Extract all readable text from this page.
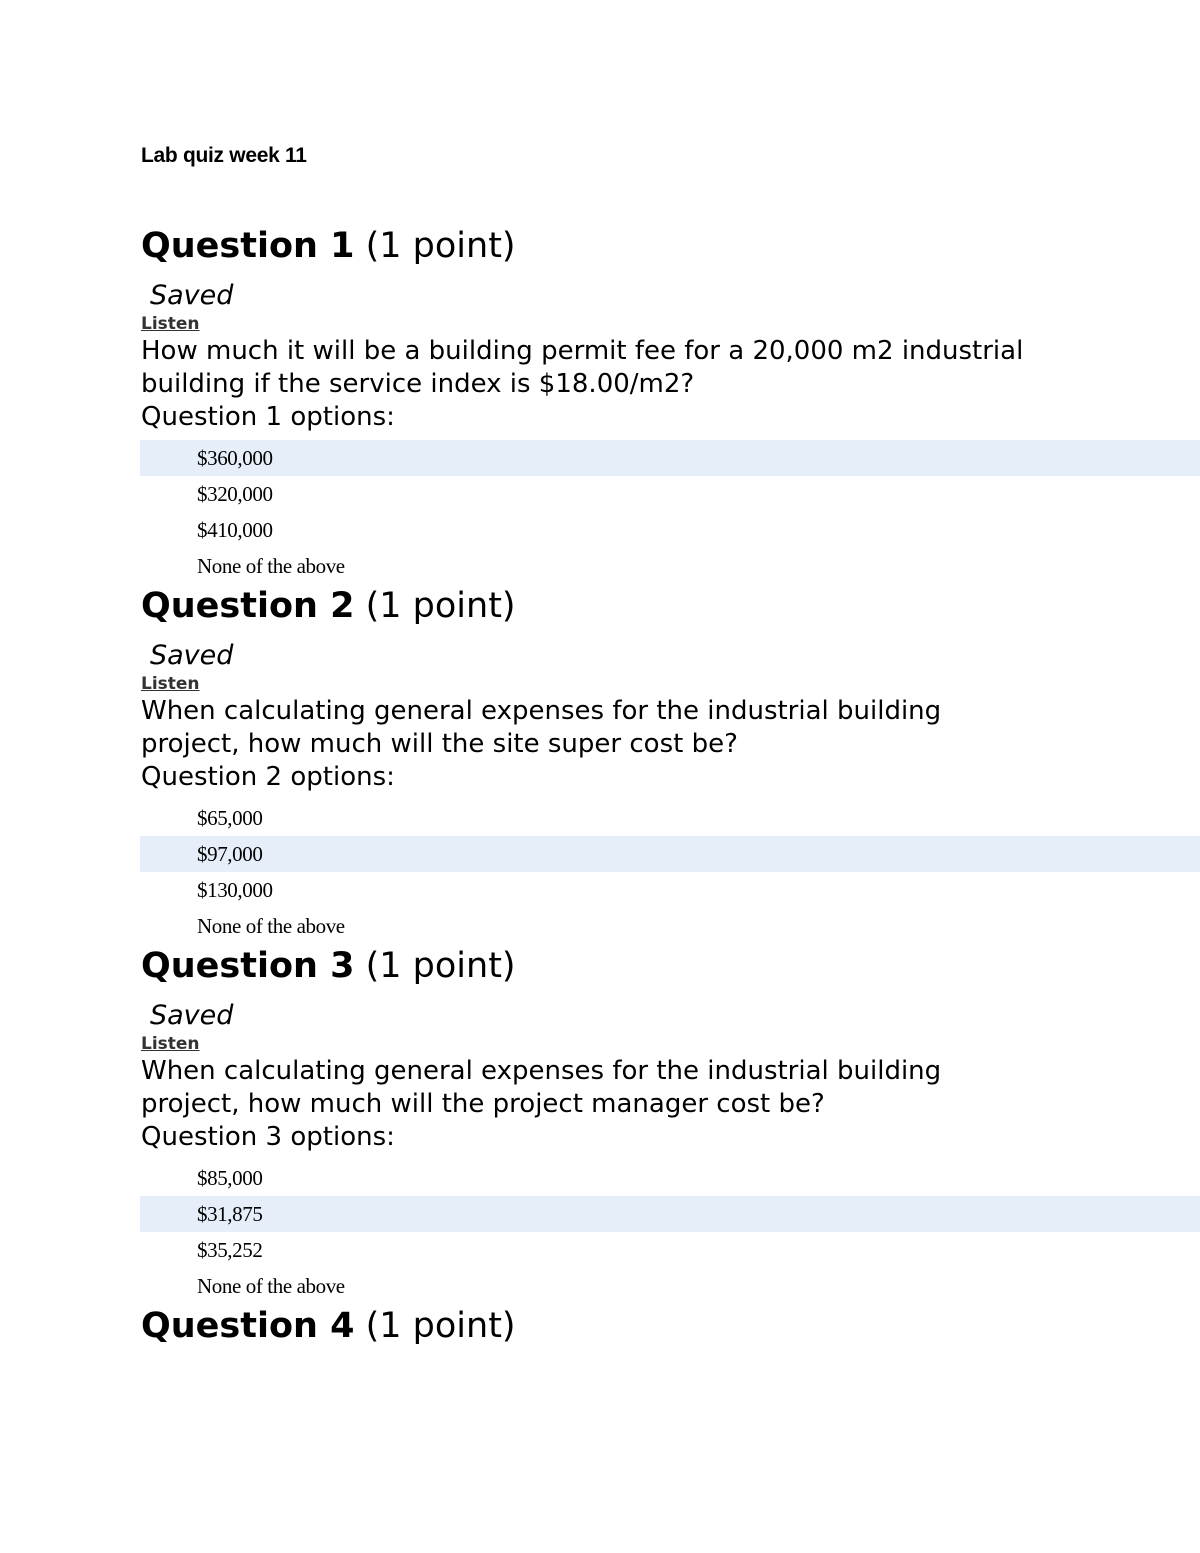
Lab quiz week 11
Question 1 (1 point)
Saved
Listen
How much it will be a building permit fee for a 20,000 m2 industrial building if the service index is $18.00/m2?
Question 1 options:
$360,000
$320,000
$410,000
None of the above
Question 2 (1 point)
Saved
Listen
When calculating general expenses for the industrial building project, how much will the site super cost be?
Question 2 options:
$65,000
$97,000
$130,000
None of the above
Question 3 (1 point)
Saved
Listen
When calculating general expenses for the industrial building project, how much will the project manager cost be?
Question 3 options:
$85,000
$31,875
$35,252
None of the above
Question 4 (1 point)
